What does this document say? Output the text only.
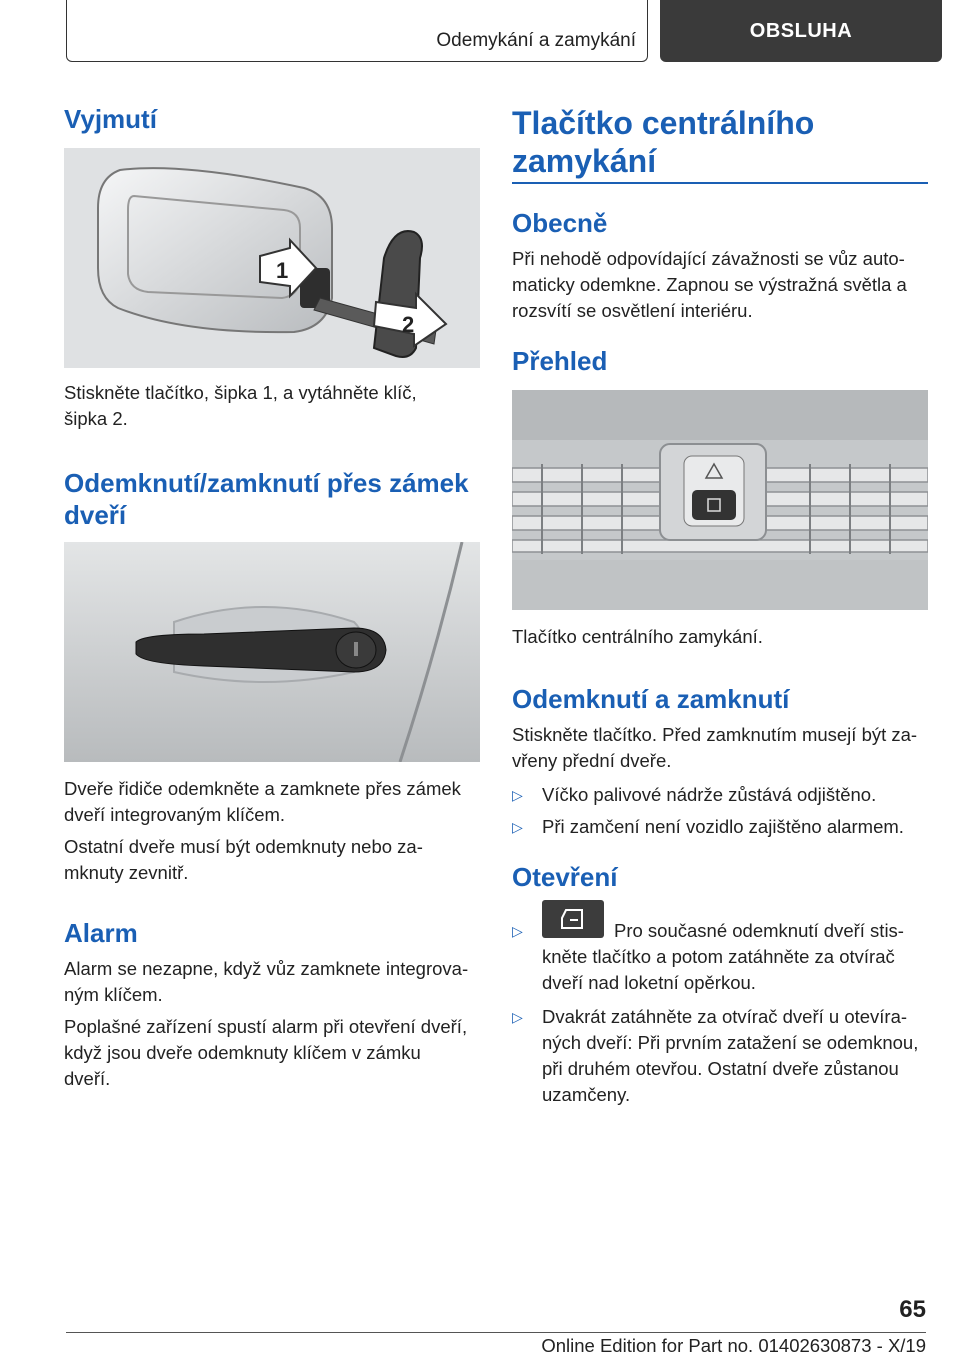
Odemykání a zamykání	OBSLUHA
Vyjmutí
1
2

Stiskněte tlačítko, šipka 1, a vytáhněte klíč,

šipka 2.

Odemknutí/zamknutí přes zámek
dveří

Dveře řidiče odemkněte a zamknete přes zámek

dveří integrovaným klíčem.

Ostatní dveře musí být odemknuty nebo za‐

mknuty zevnitř.

Alarm

Alarm se nezapne, když vůz zamknete integrova‐

ným klíčem.

Poplašné zařízení spustí alarm při otevření dveří,

když jsou dveře odemknuty klíčem v zámku

dveří.

Tlačítko centrálního
zamykání
Obecně

Při nehodě odpovídající závažnosti se vůz auto‐

maticky odemkne. Zapnou se výstražná světla a

rozsvítí se osvětlení interiéru.

Přehled

Tlačítko centrálního zamykání.

Odemknutí a zamknutí

Stiskněte tlačítko. Před zamknutím musejí být za‐

vřeny přední dveře.

▷ Víčko palivové nádrže zůstává odjištěno.
▷ Při zamčení není vozidlo zajištěno alarmem.
Otevření
▷	Pro současné odemknutí dveří stis‐

kněte tlačítko a potom zatáhněte za otvírač

dveří nad loketní opěrkou.

▷ Dvakrát zatáhněte za otvírač dveří u otevíra‐

ných dveří: Při prvním zatažení se odemknou,

při druhém otevřou. Ostatní dveře zůstanou

uzamčeny.

65
Online Edition for Part no. 01402630873 - X/19
